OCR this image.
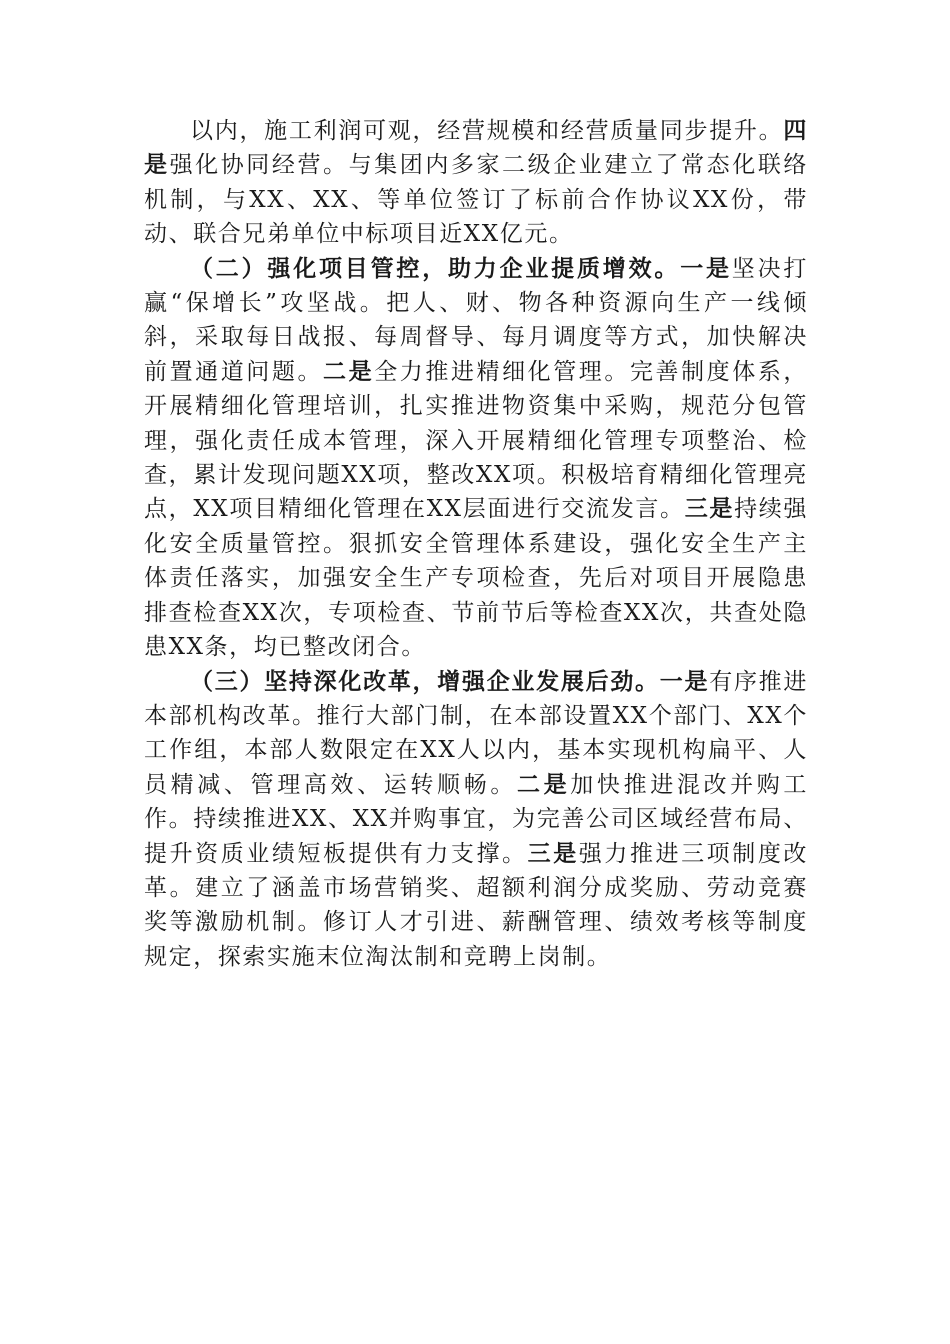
以内，施工利润可观，经营规模和经营质量同步提升。四是强化协同经营。与集团内多家二级企业建立了常态化联络机制，与XX、XX、等单位签订了标前合作协议XX份，带动、联合兄弟单位中标项目近XX亿元。

（二）强化项目管控，助力企业提质增效。一是坚决打赢“保增长”攻坚战。把人、财、物各种资源向生产一线倾斜，采取每日战报、每周督导、每月调度等方式，加快解决前置通道问题。二是全力推进精细化管理。完善制度体系，开展精细化管理培训，扎实推进物资集中采购，规范分包管理，强化责任成本管理，深入开展精细化管理专项整治、检查，累计发现问题XX项，整改XX项。积极培育精细化管理亮点，XX项目精细化管理在XX层面进行交流发言。三是持续强化安全质量管控。狠抓安全管理体系建设，强化安全生产主体责任落实，加强安全生产专项检查，先后对项目开展隐患排查检查XX次，专项检查、节前节后等检查XX次，共查处隐患XX条，均已整改闭合。

（三）坚持深化改革，增强企业发展后劲。一是有序推进本部机构改革。推行大部门制，在本部设置XX个部门、XX个工作组，本部人数限定在XX人以内，基本实现机构扁平、人员精减、管理高效、运转顺畅。二是加快推进混改并购工作。持续推进XX、XX并购事宜，为完善公司区域经营布局、提升资质业绩短板提供有力支撑。三是强力推进三项制度改革。建立了涵盖市场营销奖、超额利润分成奖励、劳动竞赛奖等激励机制。修订人才引进、薪酬管理、绩效考核等制度规定，探索实施末位淘汰制和竞聘上岗制。
